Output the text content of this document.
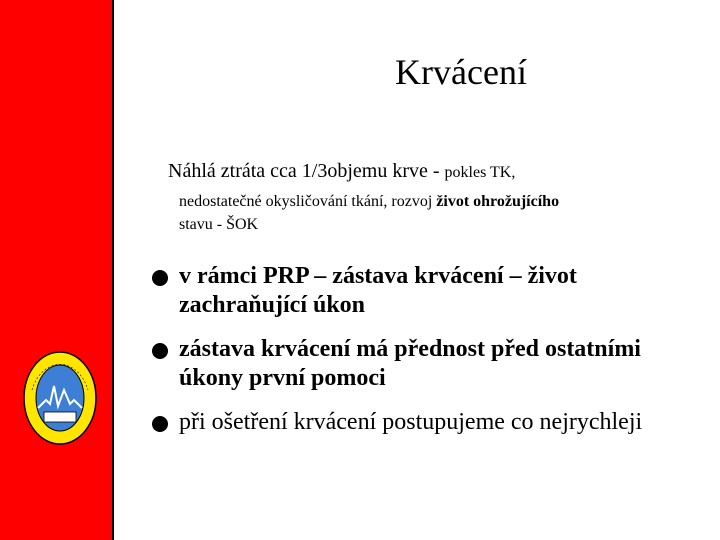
Krvácení
Náhlá ztráta cca 1/3objemu krve - pokles TK,
nedostatečné okysličování tkání, rozvoj život ohrožujícího
stavu - ŠOK
v rámci PRP – zástava krvácení – život zachraňující úkon
zástava krvácení má přednost před ostatními úkony první pomoci
při ošetření krvácení postupujeme co nejrychleji
